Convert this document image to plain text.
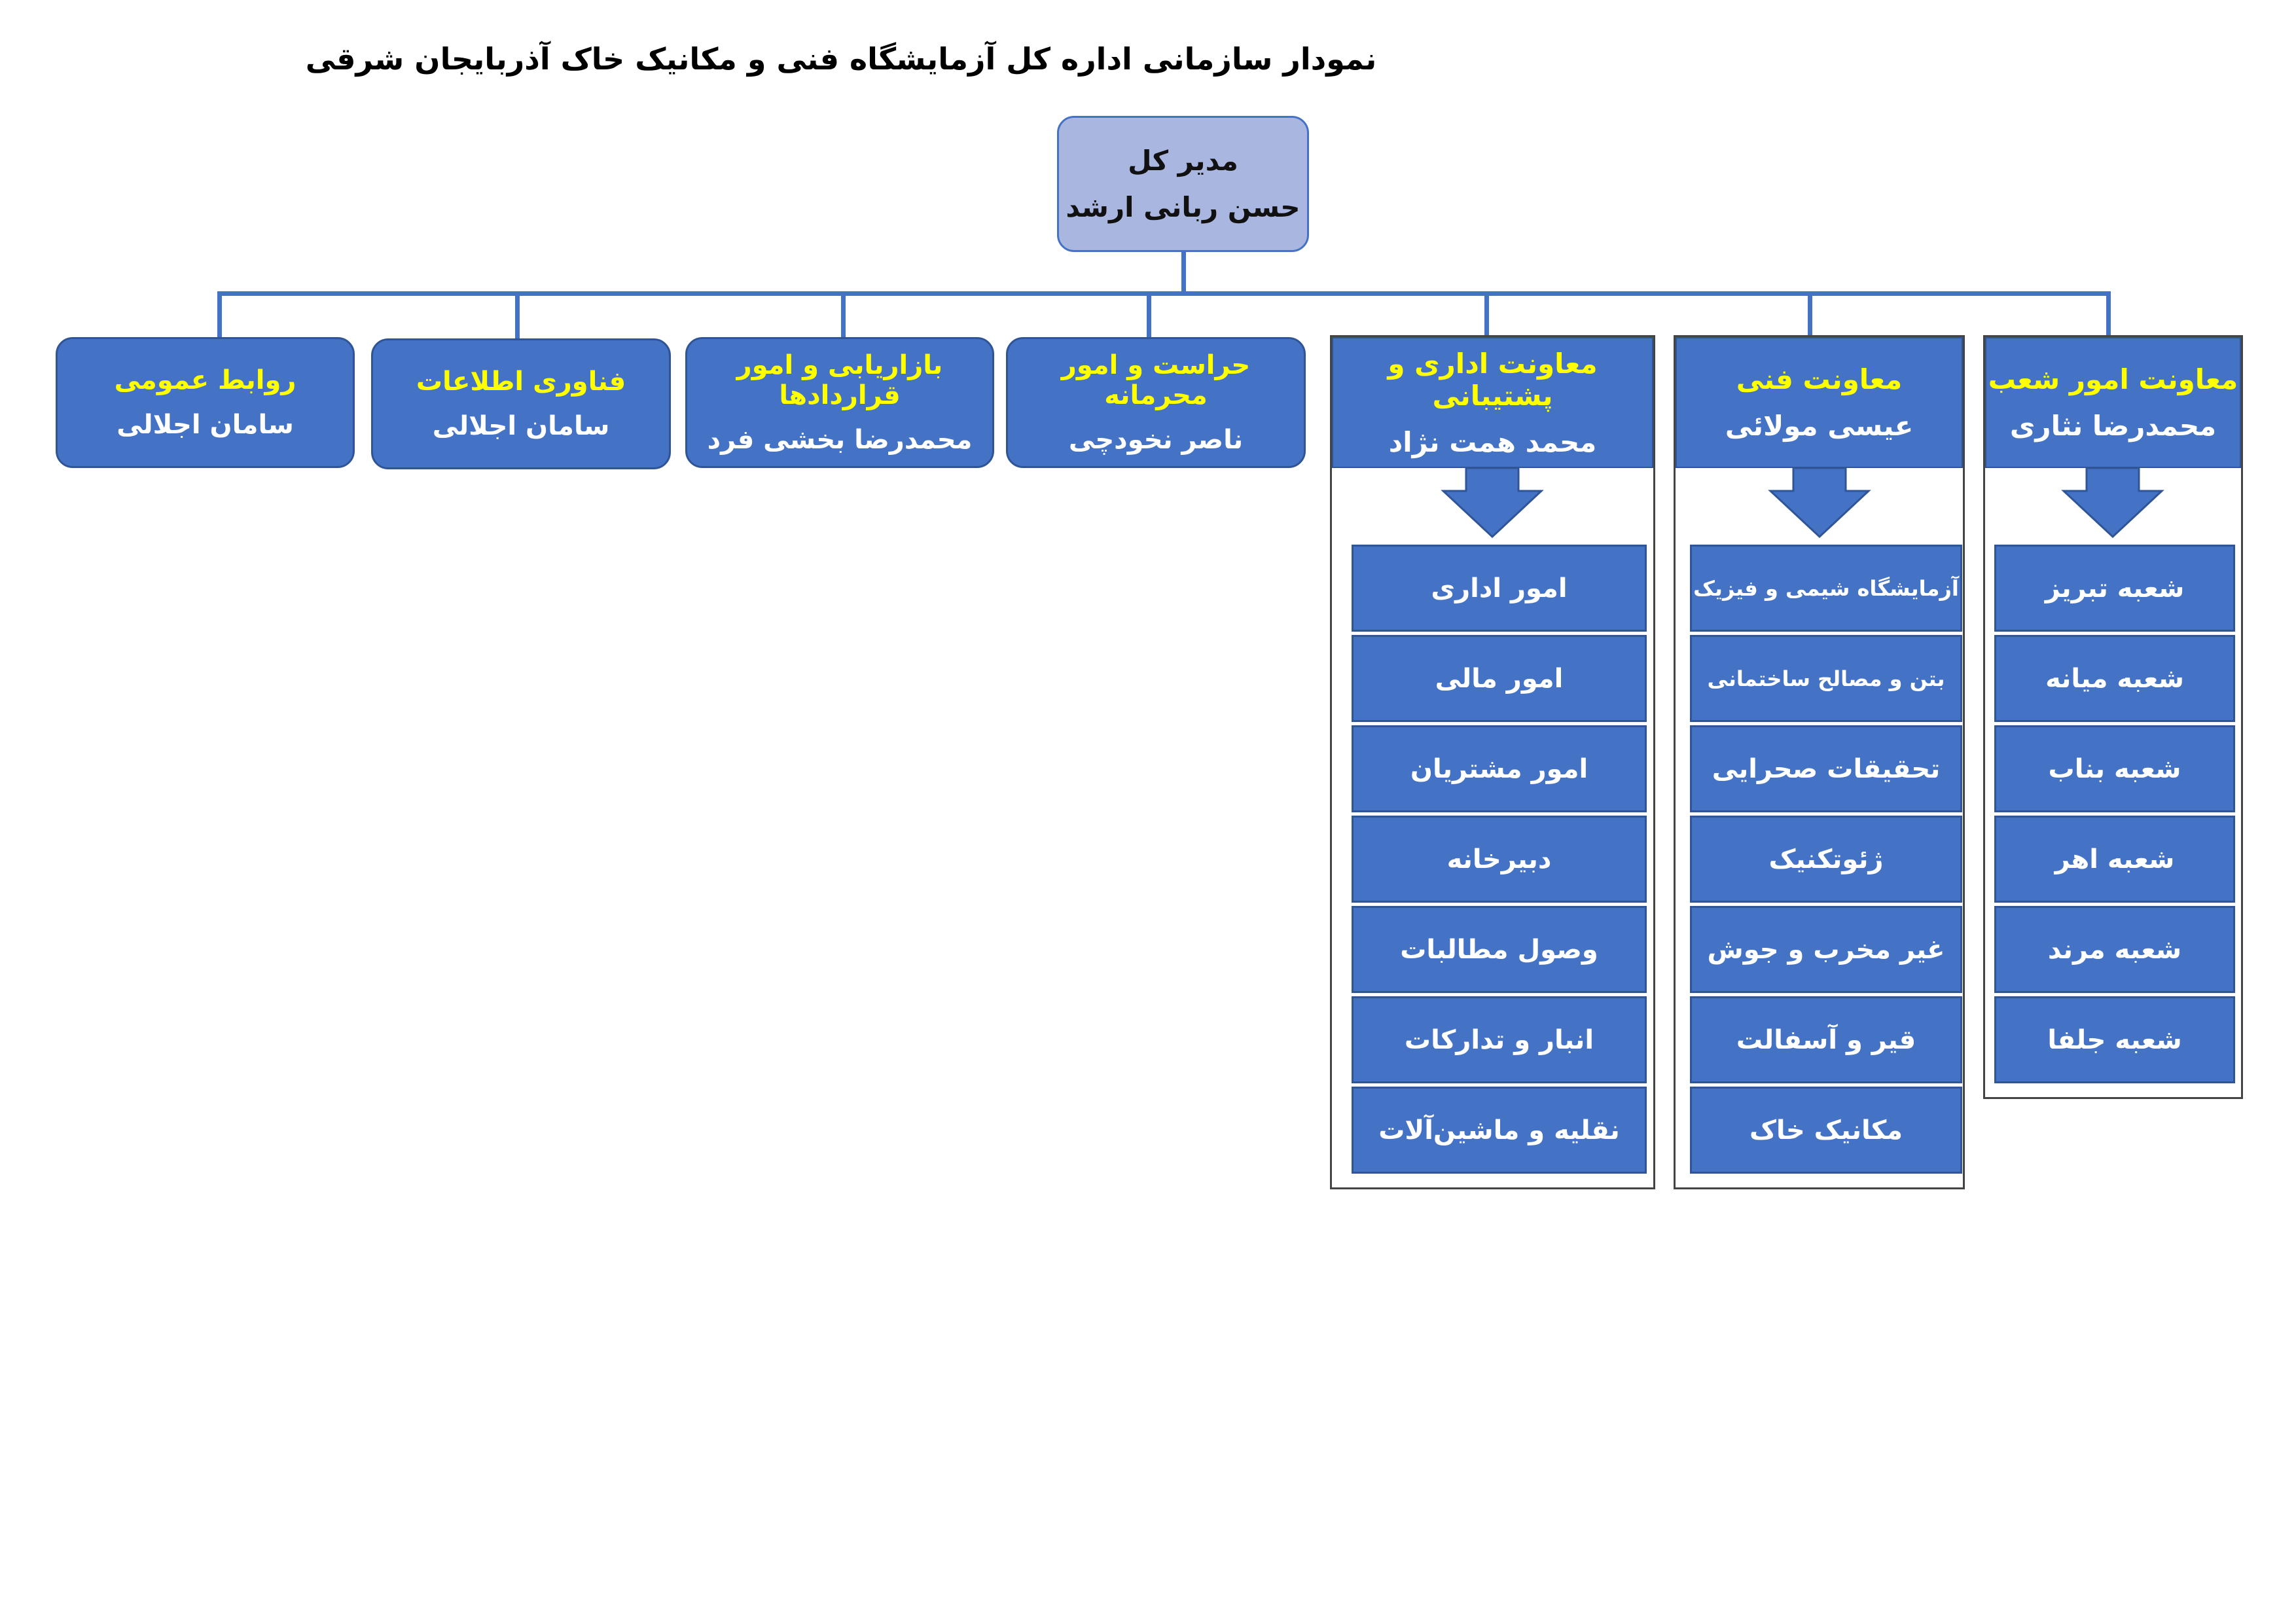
نمودار سازمانی اداره کل آزمایشگاه فنی و مکانیک خاک آذربایجان شرقی
مدیر کل
حسن ربانی ارشد
حراست و امور محرمانه
ناصر نخودچی
بازاریابی و امور قراردادها
محمدرضا بخشی فرد
فناوری اطلاعات
سامان اجلالی
روابط عمومی
سامان اجلالی
معاونت امور شعب
محمدرضا نثاری
شعبه تبریز
شعبه میانه
شعبه بناب
شعبه اهر
شعبه مرند
شعبه جلفا
معاونت فنی
عیسی مولائی
آزمایشگاه شیمی و فیزیک
بتن و مصالح ساختمانی
تحقیقات صحرایی
ژئوتکنیک
غیر مخرب و جوش
قیر و آسفالت
مکانیک خاک
معاونت اداری و پشتیبانی
محمد همت نژاد
امور اداری
امور مالی
امور مشتریان
دبیرخانه
وصول مطالبات
انبار و تدارکات
نقلیه و ماشین‌آلات
